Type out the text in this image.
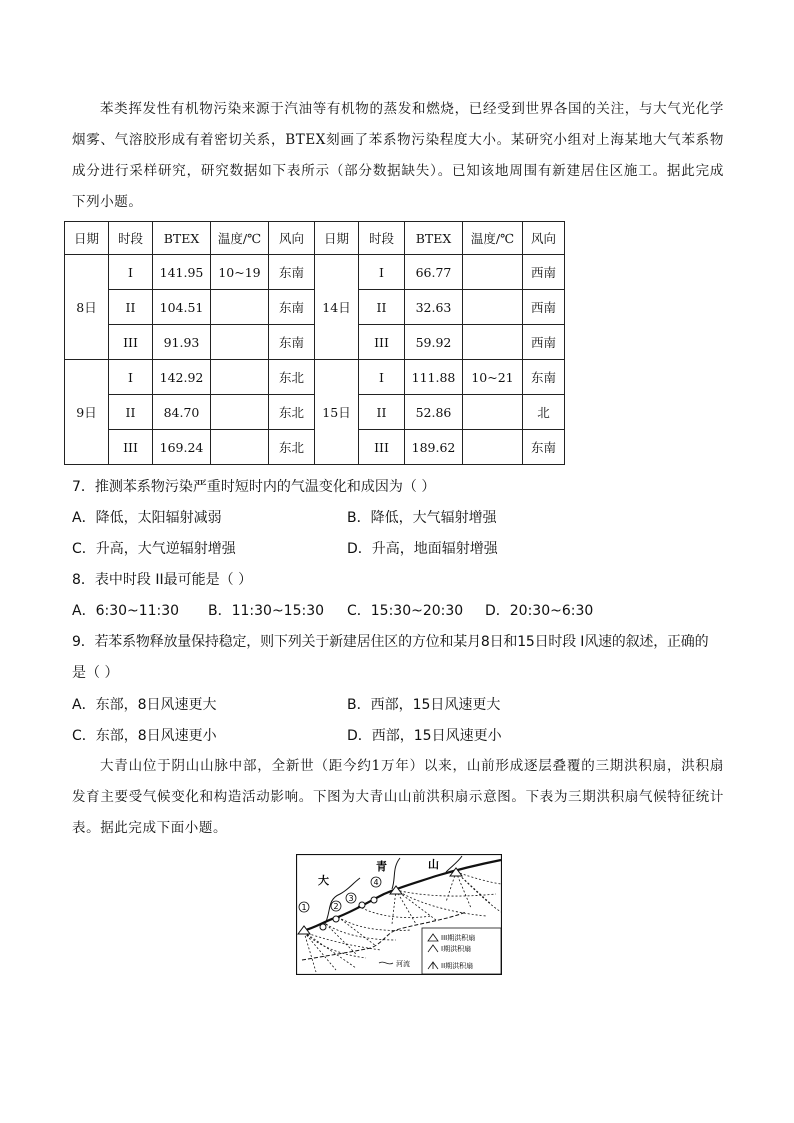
苯类挥发性有机物污染来源于汽油等有机物的蒸发和燃烧，已经受到世界各国的关注，与大气光化学烟雾、气溶胶形成有着密切关系，BTEX刻画了苯系物污染程度大小。某研究小组对上海某地大气苯系物成分进行采样研究，研究数据如下表所示（部分数据缺失）。已知该地周围有新建居住区施工。据此完成下列小题。

日期	时段	BTEX	温度/℃	风向	日期	时段	BTEX	温度/℃	风向
8日	I	141.95	10~19	东南	14日	I	66.77		西南
	II	104.51		东南		II	32.63		西南
	III	91.93		东南		III	59.92		西南
9日	I	142.92		东北	15日	I	111.88	10~21	东南
	II	84.70		东北		II	52.86		北
	III	169.24		东北		III	189.62		东南
7．推测苯系物污染严重时短时内的气温变化和成因为（ ）
A．降低，太阳辐射减弱	B．降低，大气辐射增强
C．升高，大气逆辐射增强	D．升高，地面辐射增强
8．表中时段 II最可能是（ ）
A．6:30~11:30 B．11:30~15:30 C．15:30~20:30 D．20:30~6:30
9．若苯系物释放量保持稳定，则下列关于新建居住区的方位和某月8日和15日时段 I风速的叙述，正确的
是（ ）
A．东部，8日风速更大	B．西部，15日风速更大
C．东部，8日风速更小	D．西部，15日风速更小

大青山位于阴山山脉中部，全新世（距今约1万年）以来，山前形成逐层叠覆的三期洪积扇，洪积扇发育主要受气候变化和构造活动影响。下图为大青山山前洪积扇示意图。下表为三期洪积扇气候特征统计表。据此完成下面小题。

1	2
3
4
大
青	山
III期洪积扇
I期洪积扇
河流	II期洪积扇
